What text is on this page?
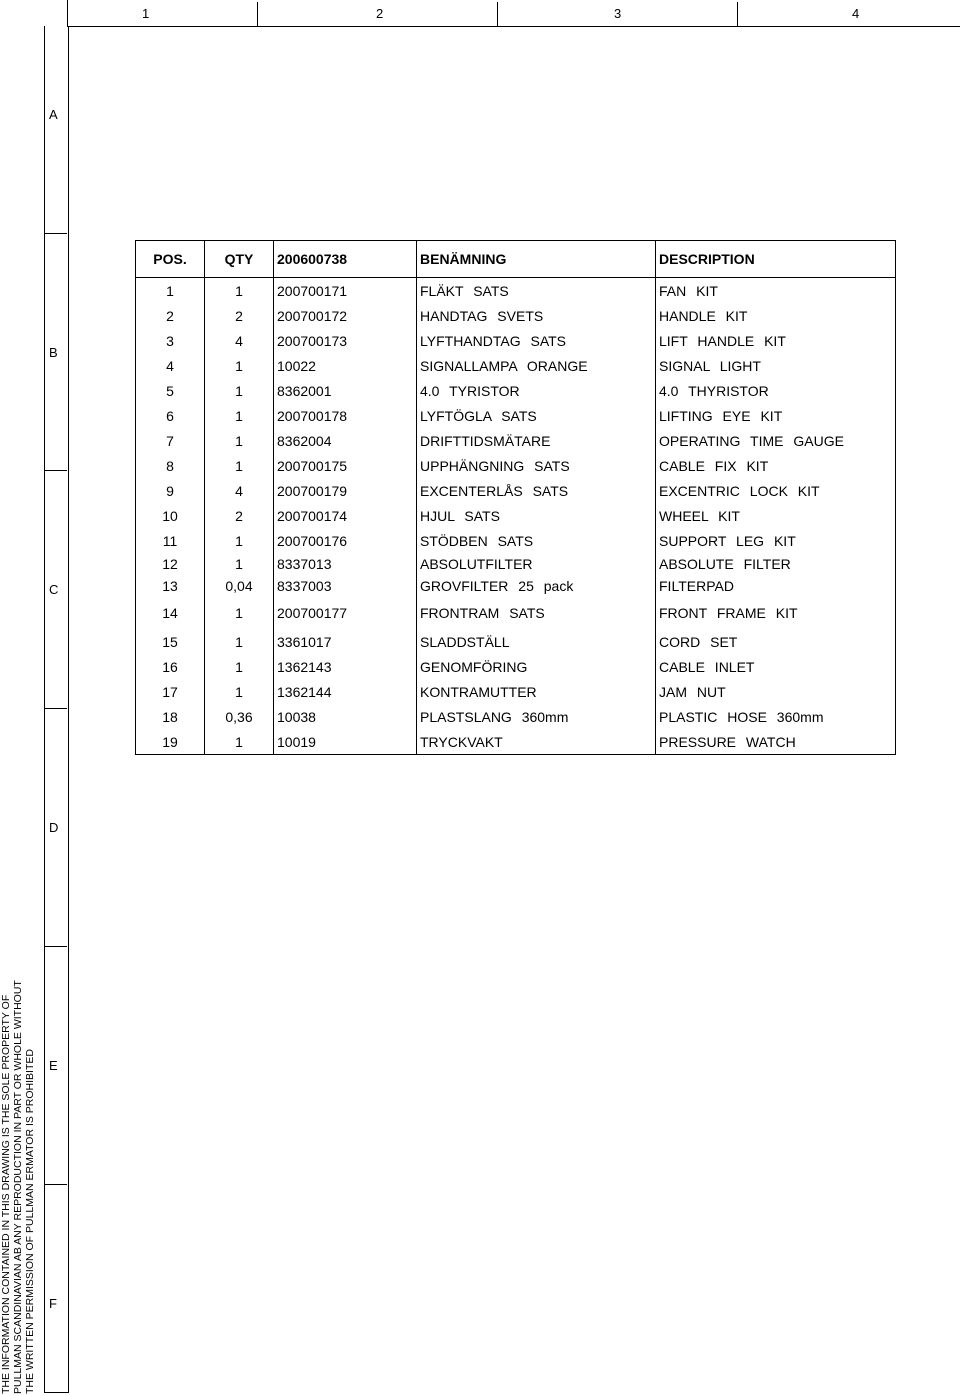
1	2	3	4
A
B
C
D
E
F
THE INFORMATION CONTAINED IN THIS DRAWING IS THE SOLE PROPERTY OF PULLMAN SCANDINAVIAN AB ANY REPRODUCTION IN PART OR WHOLE WITHOUT THE WRITTEN PERMISSION OF PULLMAN ERMATOR IS PROHIBITED
POS.	QTY	200600738	BENÄMNING	DESCRIPTION
1	1	200700171	FLÄKT SATS	FAN KIT
2	2	200700172	HANDTAG SVETS	HANDLE KIT
3	4	200700173	LYFTHANDTAG SATS	LIFT HANDLE KIT
4	1	10022	SIGNALLAMPA ORANGE	SIGNAL LIGHT
5	1	8362001	4.0 TYRISTOR	4.0 THYRISTOR
6	1	200700178	LYFTÖGLA SATS	LIFTING EYE KIT
7	1	8362004	DRIFTTIDSMÄTARE	OPERATING TIME GAUGE
8	1	200700175	UPPHÄNGNING SATS	CABLE FIX KIT
9	4	200700179	EXCENTERLÅS SATS	EXCENTRIC LOCK KIT
10	2	200700174	HJUL SATS	WHEEL KIT
11	1	200700176	STÖDBEN SATS	SUPPORT LEG KIT
12	1	8337013	ABSOLUTFILTER	ABSOLUTE FILTER
13	0,04	8337003	GROVFILTER 25 pack	FILTERPAD
14	1	200700177	FRONTRAM SATS	FRONT FRAME KIT
15	1	3361017	SLADDSTÄLL	CORD SET
16	1	1362143	GENOMFÖRING	CABLE INLET
17	1	1362144	KONTRAMUTTER	JAM NUT
18	0,36	10038	PLASTSLANG 360mm	PLASTIC HOSE 360mm
19	1	10019	TRYCKVAKT	PRESSURE WATCH
